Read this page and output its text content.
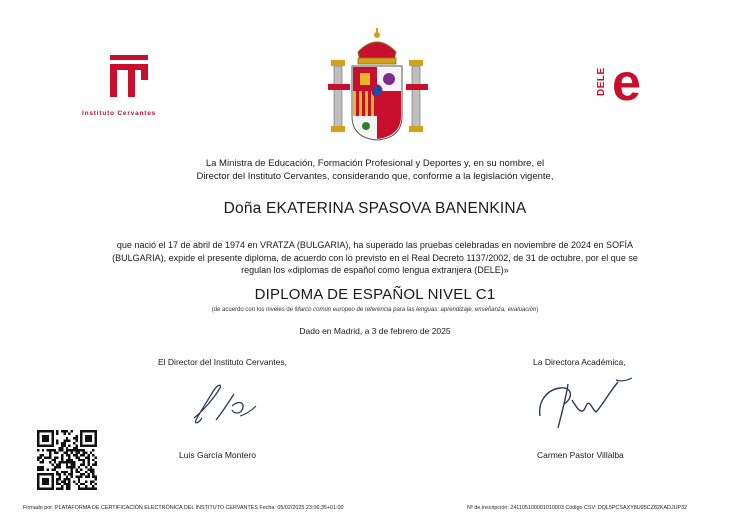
Instituto Cervantes
DELE e
La Ministra de Educación, Formación Profesional y Deportes y, en su nombre, el
Director del Instituto Cervantes, considerando que, conforme a la legislación vigente,
Doña EKATERINA SPASOVA BANENKINA
que nació el 17 de abril de 1974 en VRATZA (BULGARIA), ha superado las pruebas celebradas en noviembre de 2024 en SOFÍA
(BULGARIA), expide el presente diploma, de acuerdo con lo previsto en el Real Decreto 1137/2002, de 31 de octubre, por el que se
regulan los «diplomas de español como lengua extranjera (DELE)»
DIPLOMA DE ESPAÑOL NIVEL C1
(de acuerdo con los niveles de Marco común europeo de referencia para las lenguas: aprendizaje, enseñanza, evaluación)
Dado en Madrid, a 3 de febrero de 2025
El Director del Instituto Cervantes,	La Directora Académica,
Luis García Montero	Carmen Pastor Villalba
Firmado por: PLATAFORMA DE CERTIFICACIÓN ELECTRÓNICA DEL INSTITUTO CERVANTES Fecha: 05/02/2025 23:06:35+01:00	Nº de inscripción: 241105100001010003 Código CSV: DQL5PCSAXY8U95CZ82KADJUP32
